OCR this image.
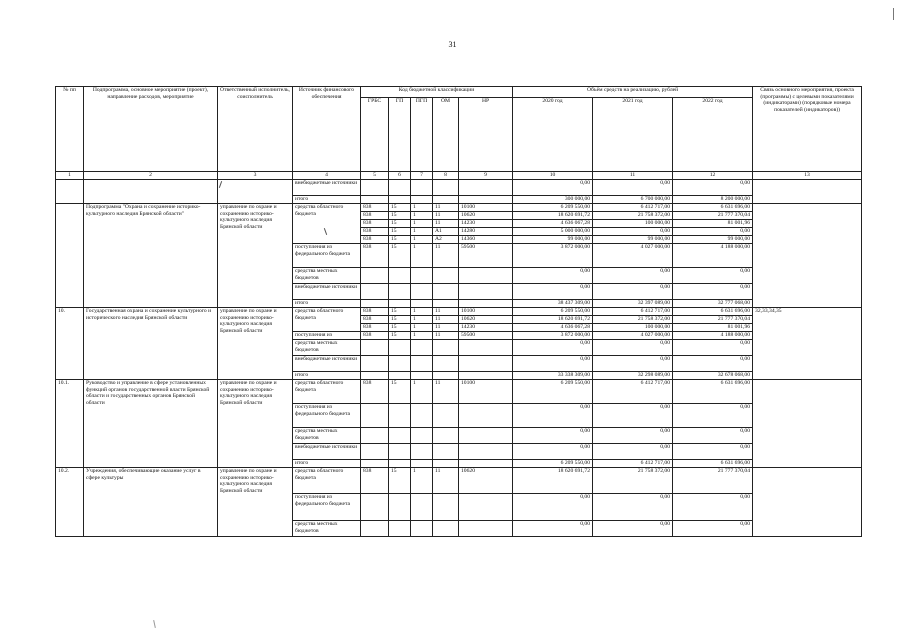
31
№ пп	Подпрограмма, основное мероприятие (проект), направление расходов, мероприятие	Ответственный исполнитель, соисполнитель	Источник финансового обеспечения	Код бюджетной классификации					Объём средств на реализацию, рублей			Связь основного мероприятия, проекта (программы) с целевыми показателями (индикаторами) (порядковые номера показателей (индикаторов))
				ГРБС	ГП	ПГП	ОМ	НР	2020 год	2021 год	2022 год	
1	2	3	4	5	6	7	8	9	10	11	12	13
			внебюджетные источники						0,00	0,00	0,00	
			итого						300 000,00	6 700 000,00	8 200 000,00	
	Подпрограмма "Охрана и сохранение историко-культурного наследия Брянской области"	управление по охране и сохранению историко-культурного наследия Брянской области	средства областного бюджета	838	15	1	11	10100	6 209 550,00	6 412 717,00	6 631 696,00	
				838	15	1	11	10620	18 620 691,72	21 758 372,00	21 777 370,04	
				838	15	1	11	14230	4 636 067,28	100 000,00	81 001,96	
				838	15	1	A1	14280	5 000 000,00	0,00	0,00	
				838	15	1	A2	14360	99 000,00	99 000,00	99 000,00	
			поступления из федерального бюджета	838	15	1	11	59500	3 872 000,00	4 027 000,00	4 188 000,00	
			средства местных бюджетов						0,00	0,00	0,00	
			внебюджетные источники						0,00	0,00	0,00	
			итого						38 437 309,00	32 397 089,00	32 777 068,00	
10.	Государственная охрана и сохранение культурного и исторического наследия Брянской области	управление по охране и сохранению историко-культурного наследия Брянской области	средства областного бюджета	838	15	1	11	10100	6 209 550,00	6 412 717,00	6 631 696,00	32,33,34,35
				838	15	1	11	10620	18 620 691,72	21 758 372,00	21 777 370,04	
				838	15	1	11	14230	4 636 067,28	100 000,00	81 001,96	
			поступления из	838	15	1	11	59500	3 872 000,00	4 027 000,00	4 188 000,00	
			средства местных бюджетов						0,00	0,00	0,00	
			внебюджетные источники						0,00	0,00	0,00	
			итого						33 338 309,00	32 298 089,00	32 678 068,00	
10.1.	Руководство и управление в сфере установленных функций органов государственной власти Брянской области и государственных органов Брянской области	управление по охране и сохранению историко-культурного наследия Брянской области	средства областного бюджета	838	15	1	11	10100	6 209 550,00	6 412 717,00	6 631 696,00	
			поступления из федерального бюджета						0,00	0,00	0,00	
			средства местных бюджетов						0,00	0,00	0,00	
			внебюджетные источники						0,00	0,00	0,00	
			итого						6 209 550,00	6 412 717,00	6 631 696,00	
10.2.	Учреждения, обеспечивающие оказание услуг в сфере культуры	управление по охране и сохранению историко-культурного наследия Брянской области	средства областного бюджета	838	15	1	11	10620	18 620 691,72	21 758 372,00	21 777 370,04	
			поступления из федерального бюджета						0,00	0,00	0,00	
			средства местных бюджетов						0,00	0,00	0,00	
